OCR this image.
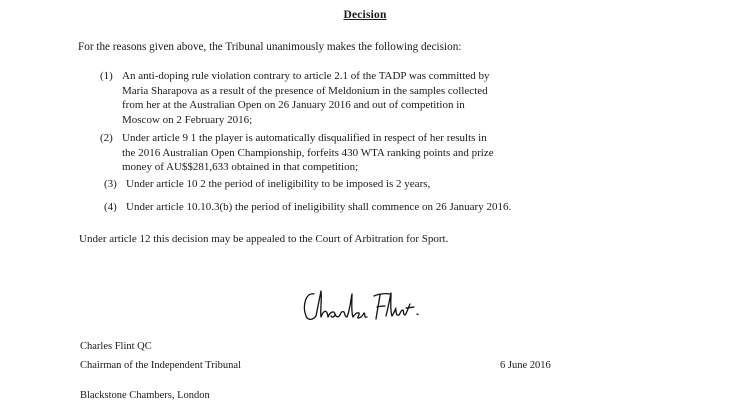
Decision
For the reasons given above, the Tribunal unanimously makes the following decision:
(1) An anti-doping rule violation contrary to article 2.1 of the TADP was committed by
Maria Sharapova as a result of the presence of Meldonium in the samples collected
from her at the Australian Open on 26 January 2016 and out of competition in
Moscow on 2 February 2016;
(2) Under article 9 1 the player is automatically disqualified in respect of her results in
the 2016 Australian Open Championship, forfeits 430 WTA ranking points and prize
money of AU$$281,633 obtained in that competition;
(3) Under article 10 2 the period of ineligibility to be imposed is 2 years,
(4) Under article 10.10.3(b) the period of ineligibility shall commence on 26 January 2016.
Under article 12 this decision may be appealed to the Court of Arbitration for Sport.
Charles Flint QC
Chairman of the Independent Tribunal	6 June 2016
Blackstone Chambers, London
